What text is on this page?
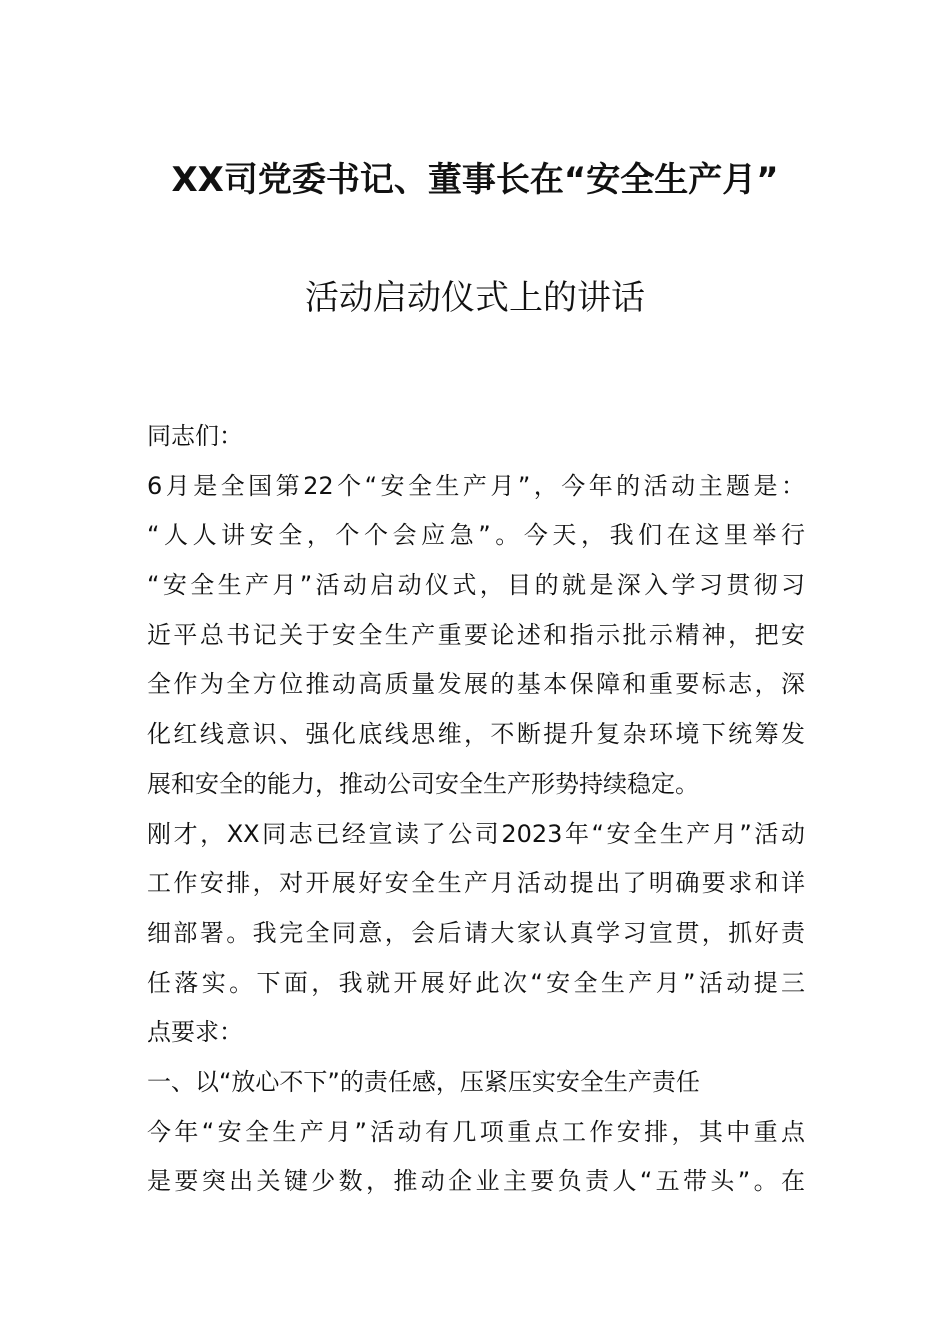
XX司党委书记、董事长在“安全生产月”
活动启动仪式上的讲话
同志们：
6月是全国第22个“安全生产月”，今年的活动主题是：
“人人讲安全，个个会应急”。今天，我们在这里举行
“安全生产月”活动启动仪式，目的就是深入学习贯彻习
近平总书记关于安全生产重要论述和指示批示精神，把安
全作为全方位推动高质量发展的基本保障和重要标志，深
化红线意识、强化底线思维，不断提升复杂环境下统筹发
展和安全的能力，推动公司安全生产形势持续稳定。
刚才，XX同志已经宣读了公司2023年“安全生产月”活动
工作安排，对开展好安全生产月活动提出了明确要求和详
细部署。我完全同意，会后请大家认真学习宣贯，抓好责
任落实。下面，我就开展好此次“安全生产月”活动提三
点要求：
一、以“放心不下”的责任感，压紧压实安全生产责任
今年“安全生产月”活动有几项重点工作安排，其中重点
是要突出关键少数，推动企业主要负责人“五带头”。在
